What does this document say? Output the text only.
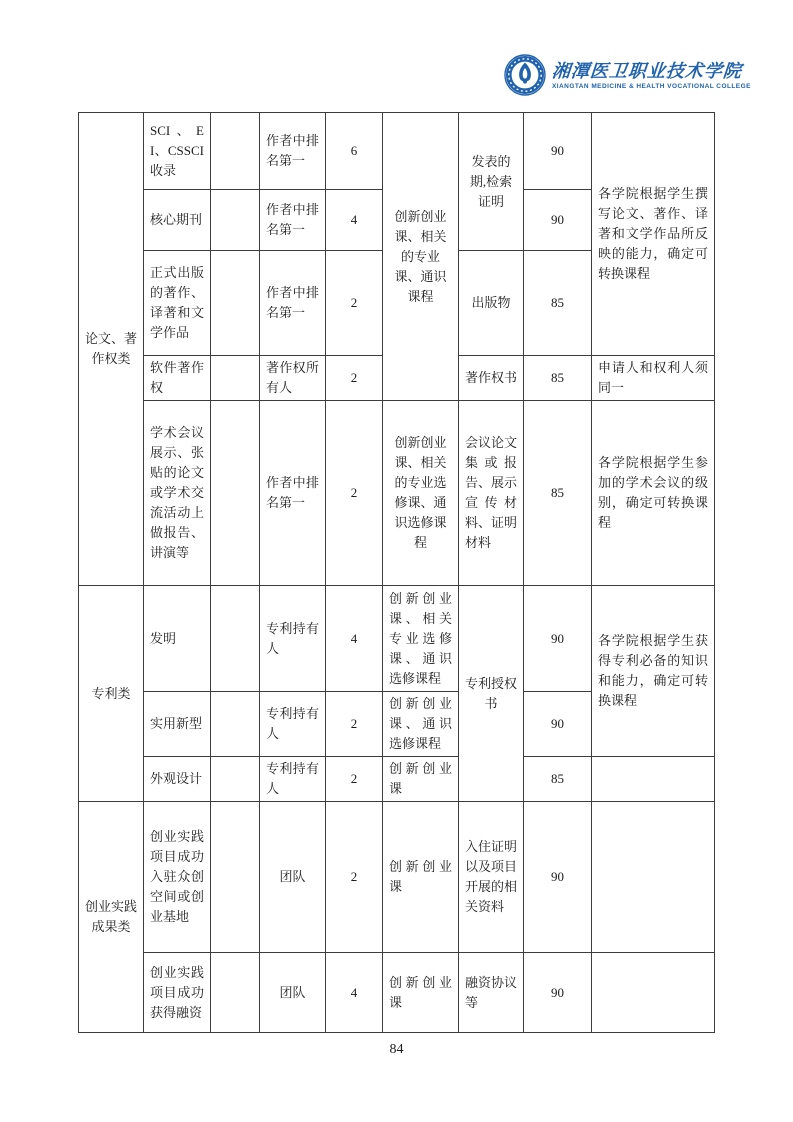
湘潭医卫职业技术学院
XIANGTAN MEDICINE & HEALTH VOCATIONAL COLLEGE
论文、著作权类	SCI、EI、CSSCI收录		作者中排名第一	6	创新创业课、相关的专业课、通识课程	发表的期,检索证明	90	各学院根据学生撰写论文、著作、译著和文学作品所反映的能力，确定可转换课程
	核心期刊		作者中排名第一	4			90	
	正式出版的著作、译著和文学作品		作者中排名第一	2		出版物	85	
	软件著作权		著作权所有人	2		著作权书	85	申请人和权利人须同一
	学术会议展示、张贴的论文或学术交流活动上做报告、讲演等		作者中排名第一	2	创新创业课、相关的专业选修课、通识选修课程	会议论文集或报告、展示宣传材料、证明材料	85	各学院根据学生参加的学术会议的级别，确定可转换课程
专利类	发明		专利持有人	4	创新创业课、相关专业选修课、通识选修课程	专利授权书	90	各学院根据学生获得专利必备的知识和能力，确定可转换课程
	实用新型		专利持有人	2	创新创业课、通识选修课程		90	
	外观设计		专利持有人	2	创新创业课		85	
创业实践成果类	创业实践项目成功入驻众创空间或创业基地		团队	2	创新创业课	入住证明以及项目开展的相关资料	90	
	创业实践项目成功获得融资		团队	4	创新创业课	融资协议等	90	
84
